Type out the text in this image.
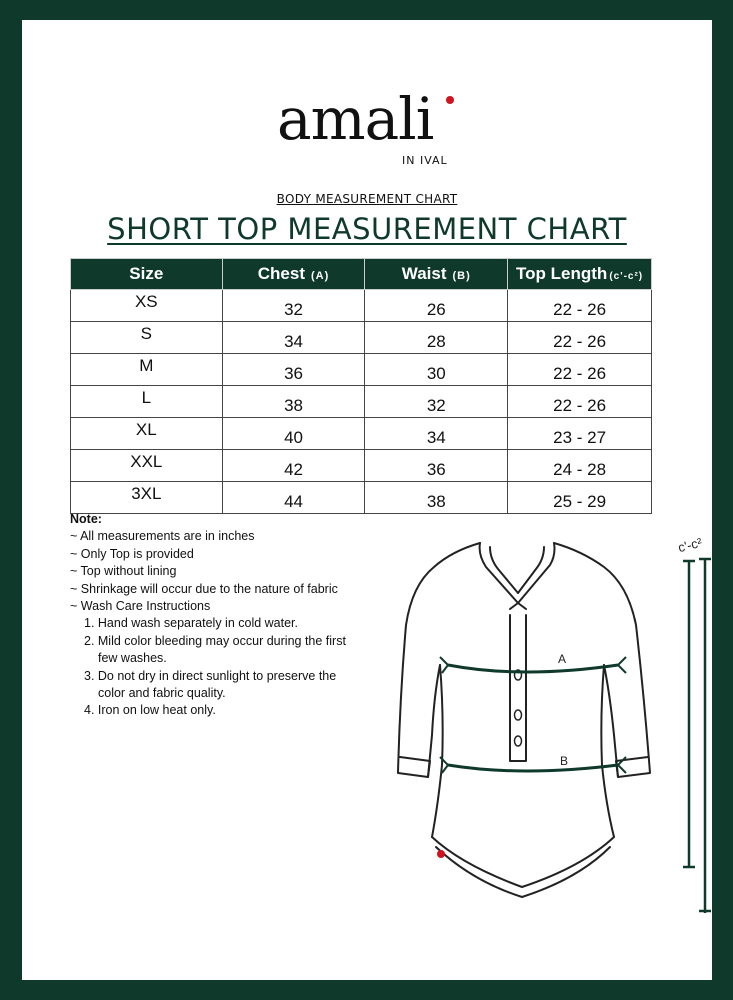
amali
IN IVAL
BODY MEASUREMENT CHART
SHORT TOP MEASUREMENT CHART
Size	Chest (A)	Waist (B)	Top Length (c'-c²)
XS	32	26	22 - 26
S	34	28	22 - 26
M	36	30	22 - 26
L	38	32	22 - 26
XL	40	34	23 - 27
XXL	42	36	24 - 28
3XL	44	38	25 - 29
Note:
~ All measurements are in inches
~ Only Top is provided
~ Top without lining
~ Shrinkage will occur due to the nature of fabric
~ Wash Care Instructions
1. Hand wash separately in cold water.
2. Mild color bleeding may occur during the first
few washes.
3. Do not dry in direct sunlight to preserve the
color and fabric quality.
4. Iron on low heat only.
A
B
c'-c²
